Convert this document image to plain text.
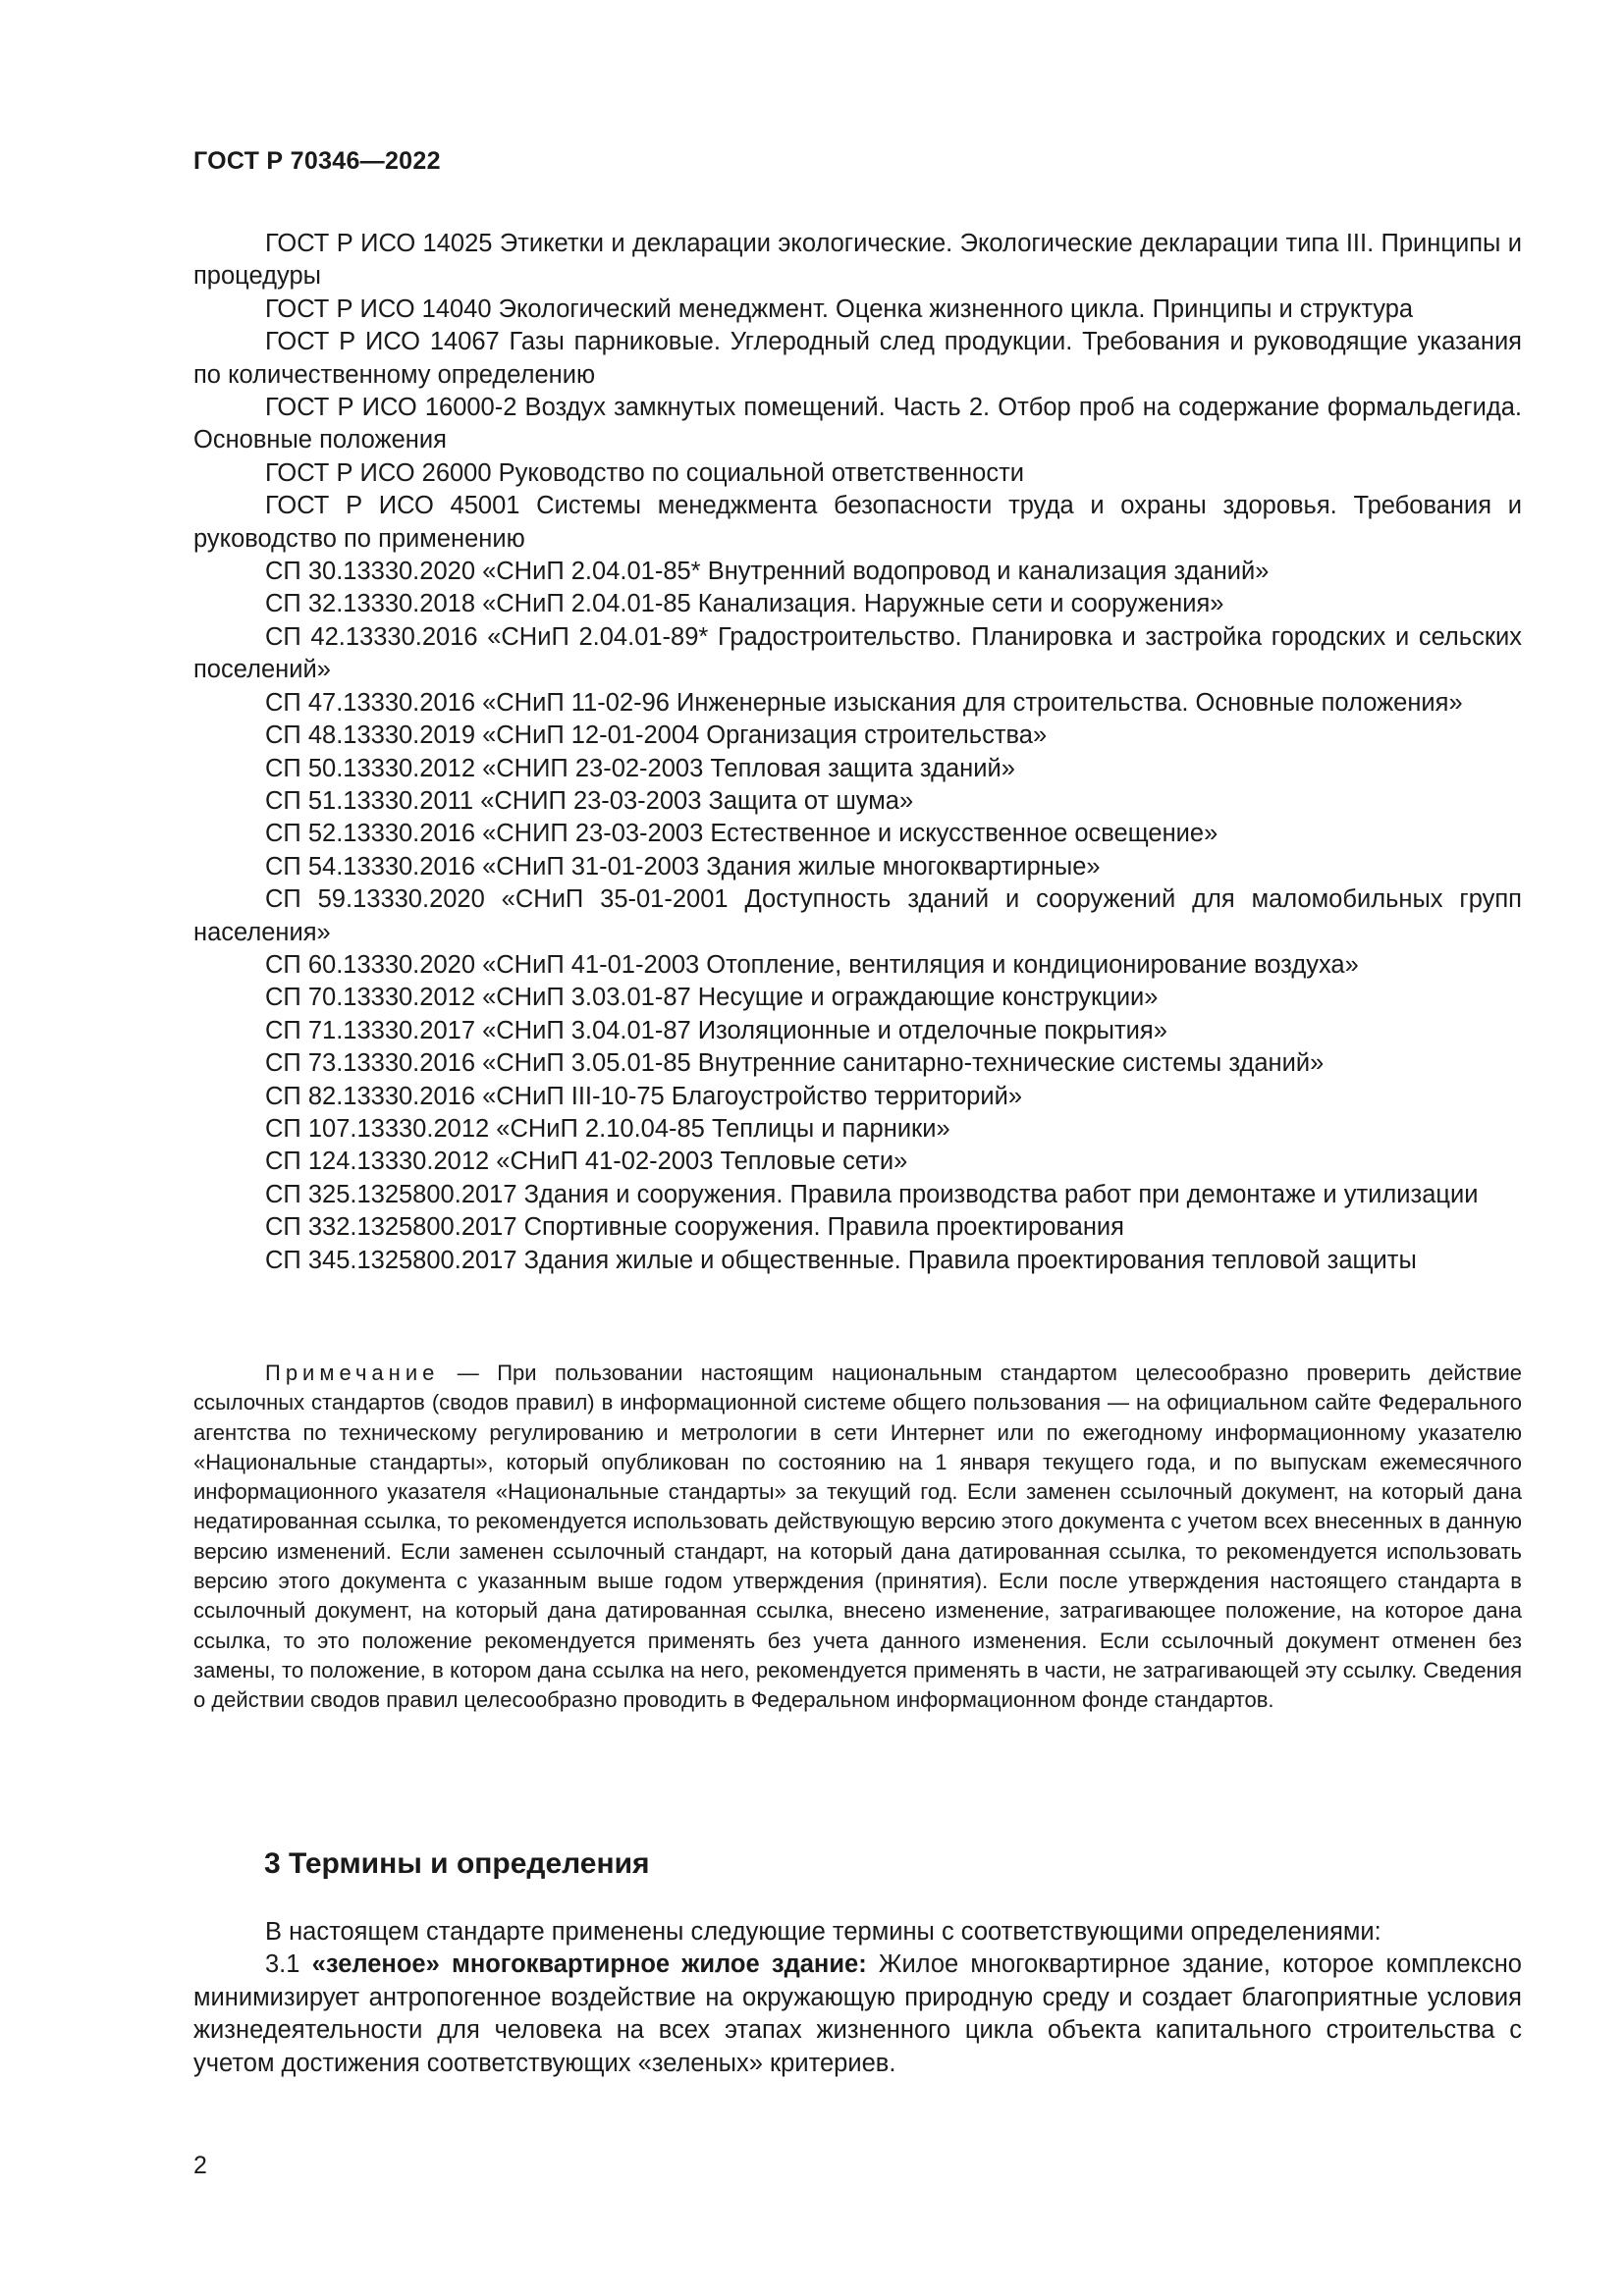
ГОСТ Р 70346—2022

ГОСТ Р ИСО 14025 Этикетки и декларации экологические. Экологические декларации типа III. Принципы и процедуры

ГОСТ Р ИСО 14040 Экологический менеджмент. Оценка жизненного цикла. Принципы и структура

ГОСТ Р ИСО 14067 Газы парниковые. Углеродный след продукции. Требования и руководящие указания по количественному определению

ГОСТ Р ИСО 16000-2 Воздух замкнутых помещений. Часть 2. Отбор проб на содержание формальдегида. Основные положения

ГОСТ Р ИСО 26000 Руководство по социальной ответственности

ГОСТ Р ИСО 45001 Системы менеджмента безопасности труда и охраны здоровья. Требования и руководство по применению

СП 30.13330.2020 «СНиП 2.04.01-85* Внутренний водопровод и канализация зданий»

СП 32.13330.2018 «СНиП 2.04.01-85 Канализация. Наружные сети и сооружения»

СП 42.13330.2016 «СНиП 2.04.01-89* Градостроительство. Планировка и застройка городских и сельских поселений»

СП 47.13330.2016 «СНиП 11-02-96 Инженерные изыскания для строительства. Основные положения»

СП 48.13330.2019 «СНиП 12-01-2004 Организация строительства»

СП 50.13330.2012 «СНИП 23-02-2003 Тепловая защита зданий»

СП 51.13330.2011 «СНИП 23-03-2003 Защита от шума»

СП 52.13330.2016 «СНИП 23-03-2003 Естественное и искусственное освещение»

СП 54.13330.2016 «СНиП 31-01-2003 Здания жилые многоквартирные»

СП 59.13330.2020 «СНиП 35-01-2001 Доступность зданий и сооружений для маломобильных групп населения»

СП 60.13330.2020 «СНиП 41-01-2003 Отопление, вентиляция и кондиционирование воздуха»

СП 70.13330.2012 «СНиП 3.03.01-87 Несущие и ограждающие конструкции»

СП 71.13330.2017 «СНиП 3.04.01-87 Изоляционные и отделочные покрытия»

СП 73.13330.2016 «СНиП 3.05.01-85 Внутренние санитарно-технические системы зданий»

СП 82.13330.2016 «СНиП III-10-75 Благоустройство территорий»

СП 107.13330.2012 «СНиП 2.10.04-85 Теплицы и парники»

СП 124.13330.2012 «СНиП 41-02-2003 Тепловые сети»

СП 325.1325800.2017 Здания и сооружения. Правила производства работ при демонтаже и утилизации

СП 332.1325800.2017 Спортивные сооружения. Правила проектирования

СП 345.1325800.2017 Здания жилые и общественные. Правила проектирования тепловой защиты

Примечание — При пользовании настоящим национальным стандартом целесообразно проверить действие ссылочных стандартов (сводов правил) в информационной системе общего пользования — на официальном сайте Федерального агентства по техническому регулированию и метрологии в сети Интернет или по ежегодному информационному указателю «Национальные стандарты», который опубликован по состоянию на 1 января текущего года, и по выпускам ежемесячного информационного указателя «Национальные стандарты» за текущий год. Если заменен ссылочный документ, на который дана недатированная ссылка, то рекомендуется использовать действующую версию этого документа с учетом всех внесенных в данную версию изменений. Если заменен ссылочный стандарт, на который дана датированная ссылка, то рекомендуется использовать версию этого документа с указанным выше годом утверждения (принятия). Если после утверждения настоящего стандарта в ссылочный документ, на который дана датированная ссылка, внесено изменение, затрагивающее положение, на которое дана ссылка, то это положение рекомендуется применять без учета данного изменения. Если ссылочный документ отменен без замены, то положение, в котором дана ссылка на него, рекомендуется применять в части, не затрагивающей эту ссылку. Сведения о действии сводов правил целесообразно проводить в Федеральном информационном фонде стандартов.

3 Термины и определения

В настоящем стандарте применены следующие термины с соответствующими определениями:

3.1 «зеленое» многоквартирное жилое здание: Жилое многоквартирное здание, которое комплексно минимизирует антропогенное воздействие на окружающую природную среду и создает благоприятные условия жизнедеятельности для человека на всех этапах жизненного цикла объекта капитального строительства с учетом достижения соответствующих «зеленых» критериев.

2
